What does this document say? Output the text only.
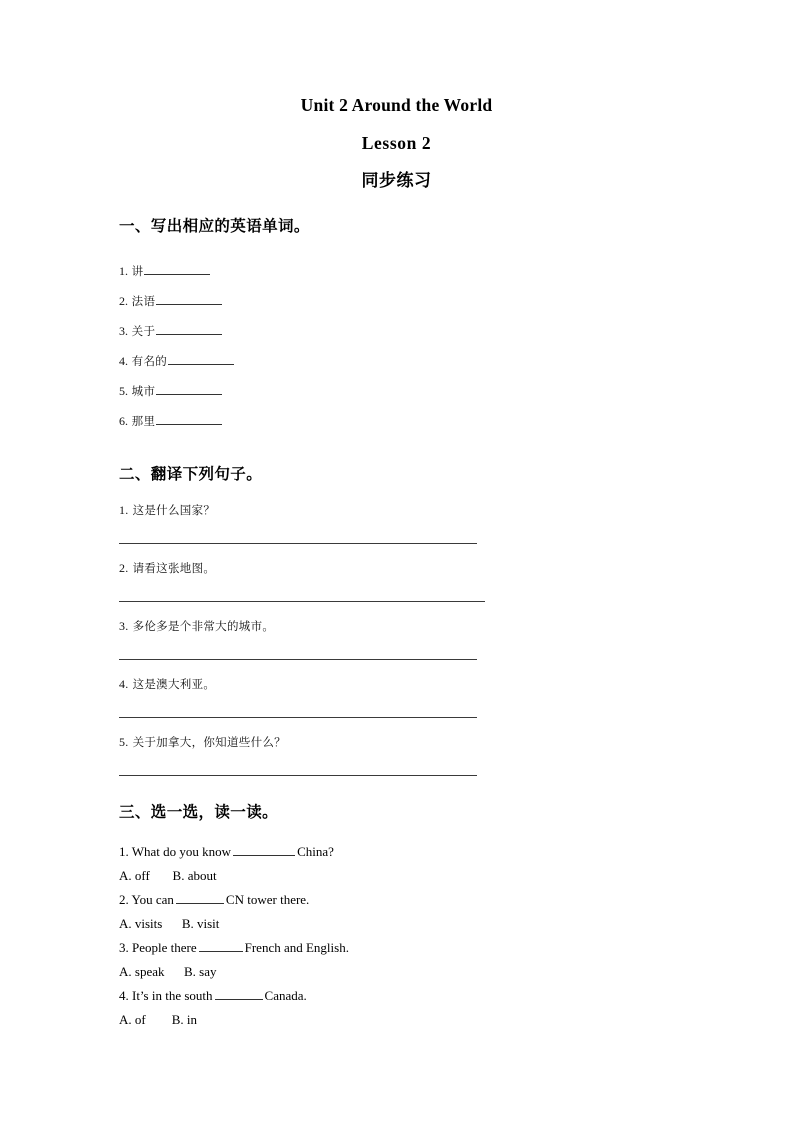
Unit 2 Around the World
Lesson 2
同步练习
一、写出相应的英语单词。
1. 讲
2. 法语
3. 关于
4. 有名的
5. 城市
6. 那里
二、翻译下列句子。
1. 这是什么国家？
2. 请看这张地图。
3. 多伦多是个非常大的城市。
4. 这是澳大利亚。
5. 关于加拿大，你知道些什么？
三、选一选，读一读。
1. What do you know	China?
A. off       B. about
2. You can	CN tower there.
A. visits      B. visit
3. People there	French and English.
A. speak      B. say
4. It’s in the south	Canada.
A. of        B. in
